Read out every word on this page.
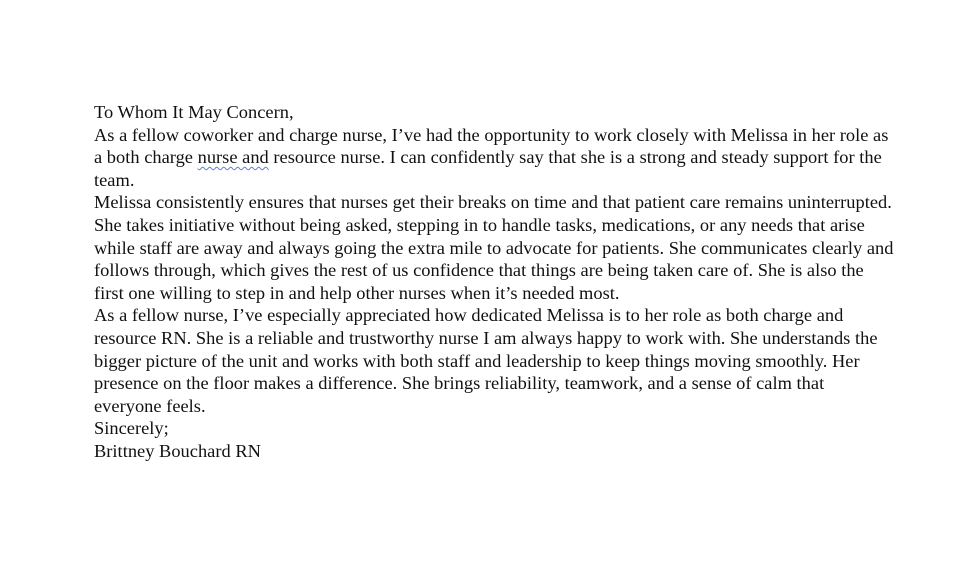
To Whom It May Concern,

As a fellow coworker and charge nurse, I’ve had the opportunity to work closely with Melissa in her role as a both charge nurse and resource nurse. I can confidently say that she is a strong and steady support for the team.

Melissa consistently ensures that nurses get their breaks on time and that patient care remains uninterrupted. She takes initiative without being asked, stepping in to handle tasks, medications, or any needs that arise while staff are away and always going the extra mile to advocate for patients. She communicates clearly and follows through, which gives the rest of us confidence that things are being taken care of. She is also the first one willing to step in and help other nurses when it’s needed most.

As a fellow nurse, I’ve especially appreciated how dedicated Melissa is to her role as both charge and resource RN. She is a reliable and trustworthy nurse I am always happy to work with. She understands the bigger picture of the unit and works with both staff and leadership to keep things moving smoothly. Her presence on the floor makes a difference. She brings reliability, teamwork, and a sense of calm that everyone feels.

Sincerely;

Brittney Bouchard RN
